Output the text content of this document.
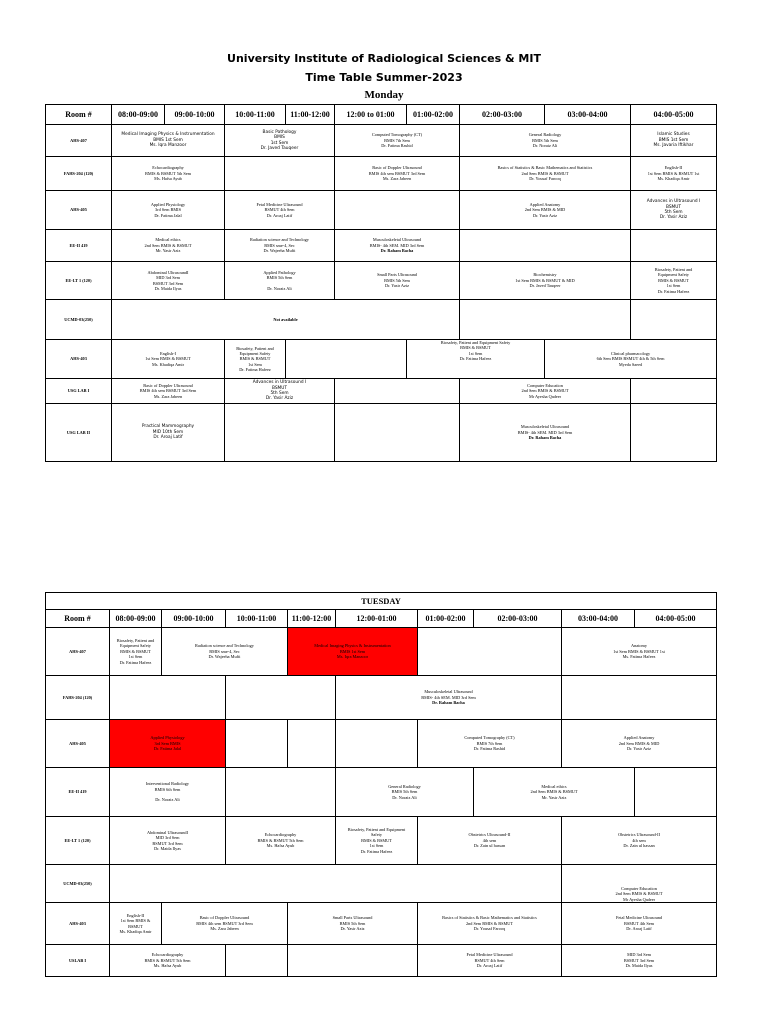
University Institute of Radiological Sciences & MIT
Time Table Summer-2023
Monday
Room #	08:00-09:00	09:00-10:00	10:00-11:00	11:00-12:00	12:00 to 01:00	01:00-02:00	02:00-03:00	03:00-04:00	04:00-05:00
AHS-407	Medical Imaging Physics & Instrumentation
BMIS 1st Sem
Ms. Iqra Manzoor		Basic Pathology
BMIS
1st Sem
Dr. Javed Tauqeer		Computed Tomography (CT)
BMIS 7th Sem
Dr. Fatima Rashid		General Radiology
BMIS 5th Sem
Dr. Noraiz Ali		Islamic Studies
BMIS 1st Sem
Ms. Javaria Iftikhar
FAHS-204 (120)	Echocardiography
BMIS & BSMUT 5th Sem
Ms. Hafsa Ayub				Basic of Doppler Ultrasound
BMIS 4th sem BSMUT 3rd Sem
Ms. Zara Jabeen		Basics of Statistics & Basic Mathematics and Statistics
2nd Sem BMIS & BSMUT
Dr. Yousaf Farooq		English-II
1st Sem BMIS & BSMUT 1st
Ms. Khadiqa Amir
AHS-405	Applied Physiology
3rd Sem BMIS
Dr. Fatima Jalal		Fetal Medicine Ultrasound
BSMUT 4th Sem
Dr. Aroaj Latif				Applied Anatomy
2nd Sem BMIS & MID
Dr. Yasir Aziz		Advances in Ultrasound I
BSMUT
5th Sem
Dr. Yasir Aziz
EE-II 419	Medical ethics
2nd Sem BMIS & BSMUT
Mr. Yasir Aziz		Radiation science and Technology
BMIS sme-4, Sec
Dr. Wajeeha Mufti		Musculoskeletal Ultrasound
BMIS- 4th SEM. MID 3rd Sem
Dr. Raham Bacha				
EE-LT 1 (120)	Abdominal UltrasoundI
MID 3rd Sem
BSMUT 3rd Sem
Dr. Maida Ilyas		Applied Pathology
BMIS 5th Sem

Dr. Noraiz Ali		Small Parts Ultrasound
BMIS 5th Sem
Dr. Yasir Aziz		Biochemistry
1st Sem BMIS & BSMUT & MID
Dr. Javed Tauqeer		Biosafety, Patient and
Equipment Safety
BMIS & BSMUT
1st Sem
Dr. Fatima Hafeez
UCMD-03(250)	Not available								
AHS-403	English-I
1st Sem BMIS & BSMUT
Ms. Khadiqa Amir		Biosafety, Patient and
Equipment Safety
BMIS & BSMUT
1st Sem
Dr. Fatima Hafeez			Biosafety, Patient and Equipment Safety
BMIS & BSMUT
1st Sem
Dr. Fatima Hafeez		Clinical pharmacology
6th Sem BMIS BSMUT 4th & 5th Sem
Myeda Saeed	
USG LAB I	Basic of Doppler Ultrasound
BMIS 4th sem BSMUT 3rd Sem
Ms. Zara Jabeen		Advances in Ultrasound I
BSMUT
5th Sem
Dr. Yasir Aziz				Computer Education
2nd Sem BMIS & BSMUT
Mr Ayesha Qadeer		
USG LAB II	Practical Mammography
MID 10th Sem
Dr. Aroaj Latif						Musculoskeletal Ultrasound
BMIS- 4th SEM. MID 3rd Sem
Dr. Raham Bacha		
TUESDAY									
Room #	08:00-09:00	09:00-10:00	10:00-11:00	11:00-12:00	12:00-01:00	01:00-02:00	02:00-03:00	03:00-04:00	04:00-05:00
AHS-407	Biosafety, Patient and
Equipment Safety
BMIS & BSMUT
1st Sem
Dr. Fatima Hafeez	Radiation science and Technology
BMIS sme-4, Sec
Dr. Wajeeha Mufti		Medical Imaging Physics & Instrumentation
BMIS 1st Sem
Ms. Iqra Manzoor				Anatomy
1st Sem BMIS & BSMUT 1st
Ms. Fatima Hafeez	
FAHS-204 (120)					Musculoskeletal Ultrasound
BMIS- 4th SEM. MID 3rd Sem
Dr. Raham Bacha				
AHS-405	Applied Physiology
3rd Sem BMIS
Dr. Fatima Jalal					Computed Tomography (CT)
BMIS 7th Sem
Dr. Fatima Rashid		Applied Anatomy
2nd Sem BMIS & MID
Dr. Yasir Aziz	
EE-II 419	Interventional Radiology
BMIS 6th Sem

Dr. Noraiz Ali				General Radiology
BMIS 5th Sem
Dr. Noraiz Ali		Medical ethics
2nd Sem BMIS & BSMUT
Mr. Yasir Aziz		
EE-LT 1 (120)	Abdominal UltrasoundI
MID 3rd Sem
BSMUT 3rd Sem
Dr. Maida Ilyas		Echocardiography
BMIS & BSMUT 5th Sem
Ms. Hafsa Ayub		Biosafety, Patient and Equipment
Safety
BMIS & BSMUT
1st Sem
Dr. Fatima Hafeez	Obstetrics Ultrasound-II
4th sem
Dr. Zain ul hassan		Obstetrics Ultrasound-II
4th sem
Dr. Zain ul hassan	
UCMD-03(250)								Computer Education
2nd Sem BMIS & BSMUT
Mr Ayesha Qadeer	
AHS-403	English-II
1st Sem BMIS &
BSMUT
Ms. Khadiqa Amir	Basic of Doppler Ultrasound
BMIS 4th sem BSMUT 3rd Sem
Ms. Zara Jabeen		Small Parts Ultrasound
BMIS 5th Sem
Dr. Yasir Aziz		Basics of Statistics & Basic Mathematics and Statistics
2nd Sem BMIS & BSMUT
Dr. Yousaf Farooq		Fetal Medicine Ultrasound
BSMUT 4th Sem
Dr. Aroaj Latif	
USLAB I	Echocardiography
BMIS & BSMUT 5th Sem
Ms. Hafsa Ayub					Fetal Medicine Ultrasound
BSMUT 4th Sem
Dr. Aroaj Latif		MID 3rd Sem
BSMUT 3rd Sem
Dr. Maida Ilyas	
